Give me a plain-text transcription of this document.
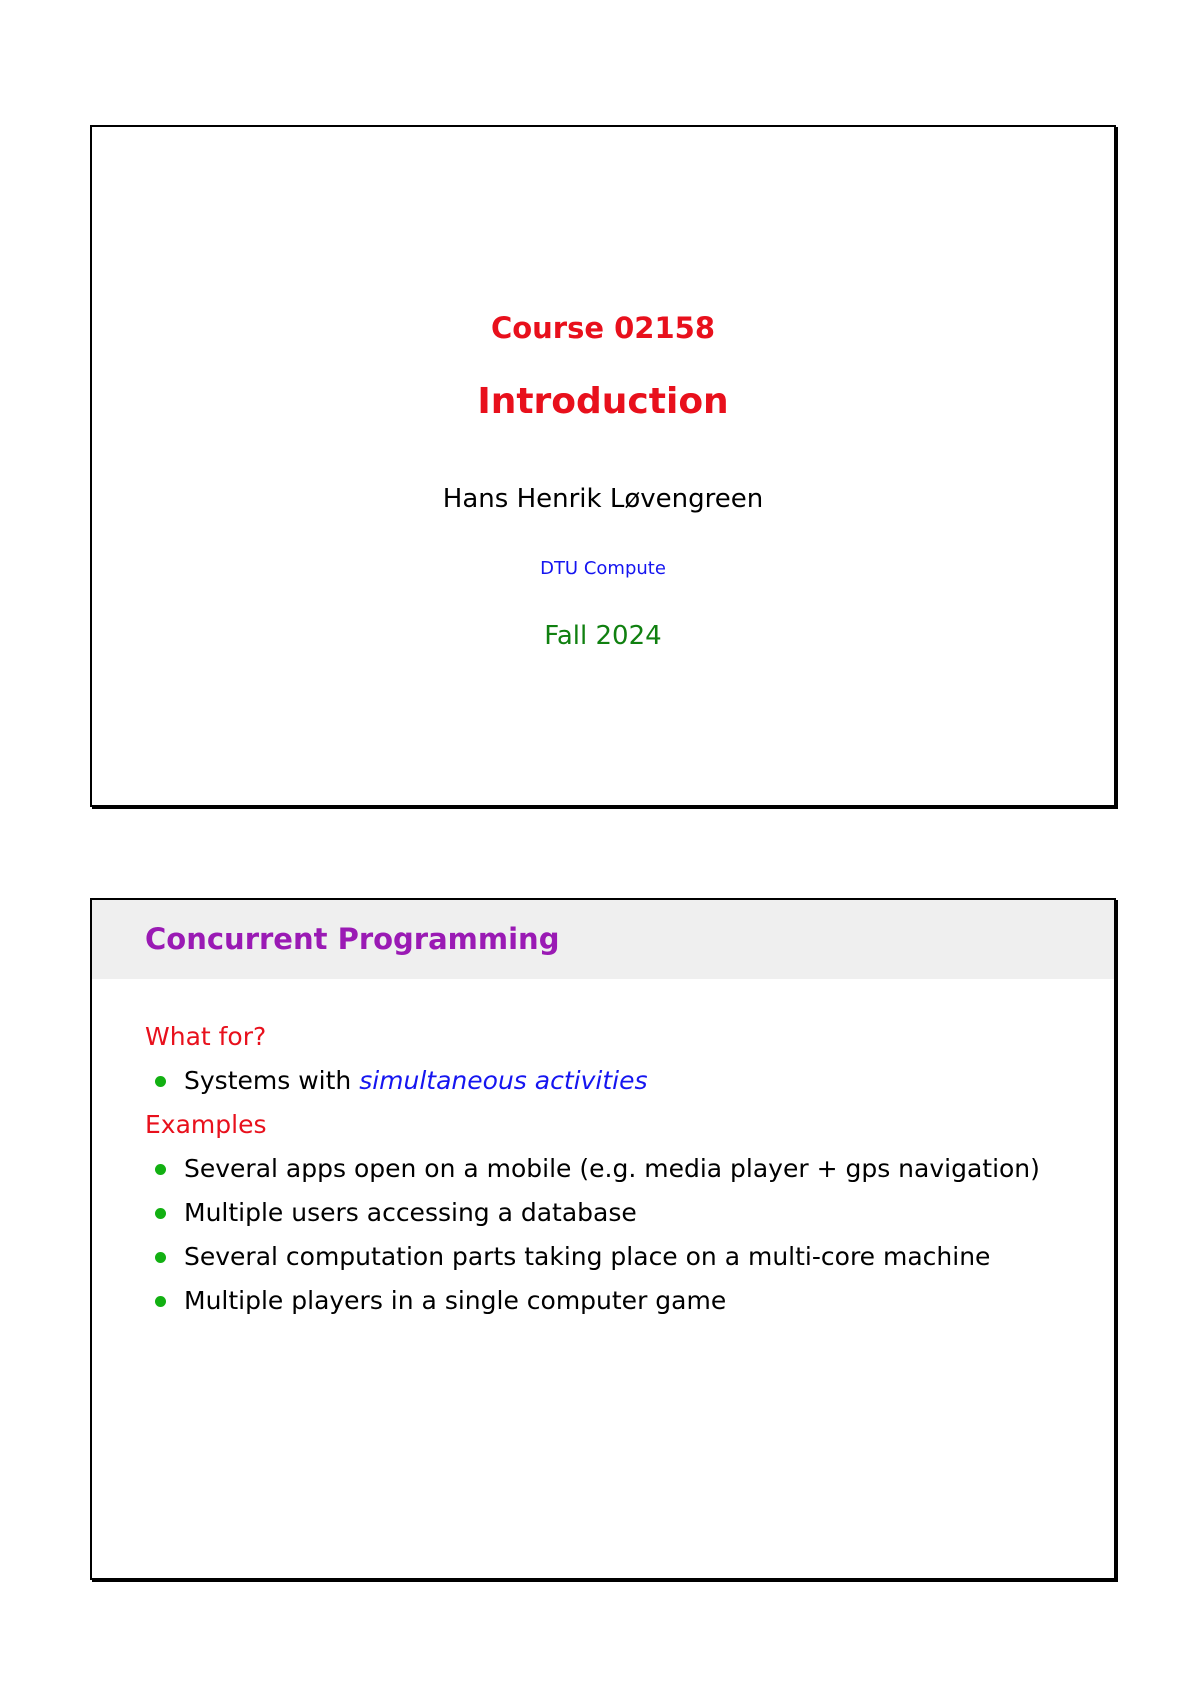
Course 02158
Introduction
Hans Henrik Løvengreen
DTU Compute
Fall 2024
Concurrent Programming
What for?
Systems with simultaneous activities
Examples
Several apps open on a mobile (e.g. media player + gps navigation)
Multiple users accessing a database
Several computation parts taking place on a multi-core machine
Multiple players in a single computer game
